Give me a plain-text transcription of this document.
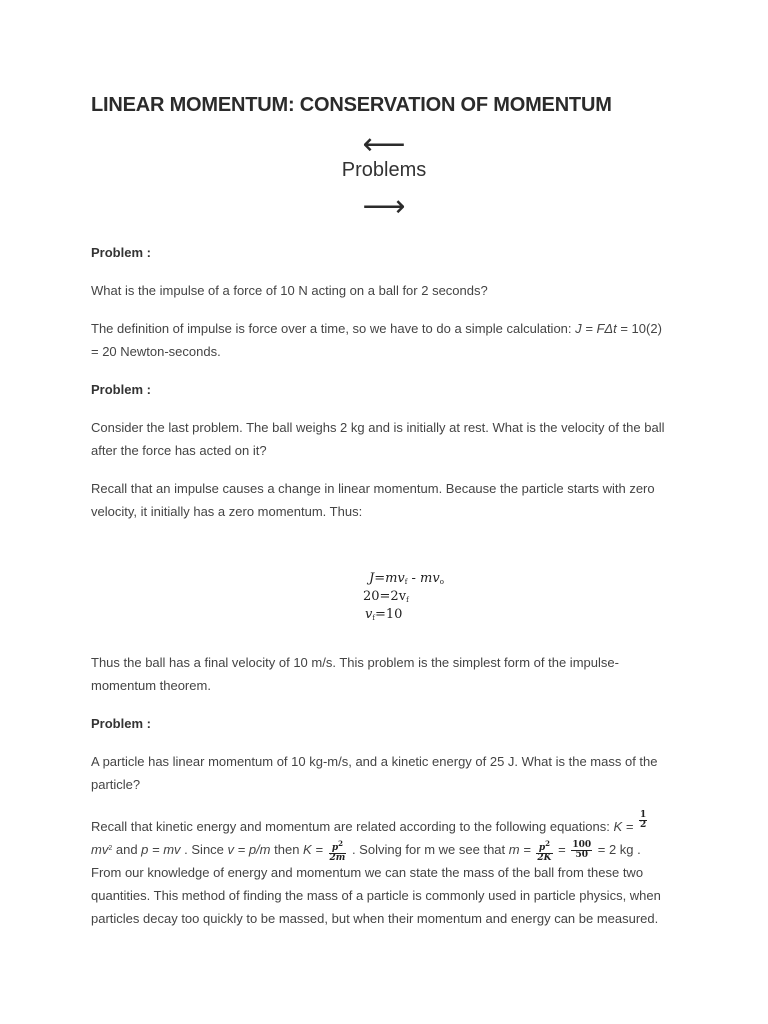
LINEAR MOMENTUM: CONSERVATION OF MOMENTUM
⟵
Problems
⟶
Problem :
What is the impulse of a force of 10 N acting on a ball for 2 seconds?
The definition of impulse is force over a time, so we have to do a simple calculation: J = FΔt = 10(2) = 20 Newton-seconds.
Problem :
Consider the last problem. The ball weighs 2 kg and is initially at rest. What is the velocity of the ball after the force has acted on it?
Recall that an impulse causes a change in linear momentum. Because the particle starts with zero velocity, it initially has a zero momentum. Thus:
$J=mv_f - mv_o$
$20=2v_f$
$v_f=10$
Thus the ball has a final velocity of 10 m/s. This problem is the simplest form of the impulse-momentum theorem.
Problem :
A particle has linear momentum of 10 kg-m/s, and a kinetic energy of 25 J. What is the mass of the particle?
Recall that kinetic energy and momentum are related according to the following equations: $K = \frac{1}{2}$
$mv^2$ and p = mv . Since v = p/m then $K = \frac{p^2}{2m}$ . Solving for m we see that $m = \frac{p^2}{2K} = \frac{100}{50} = 2$ kg .
From our knowledge of energy and momentum we can state the mass of the ball from these two quantities. This method of finding the mass of a particle is commonly used in particle physics, when particles decay too quickly to be massed, but when their momentum and energy can be measured.
